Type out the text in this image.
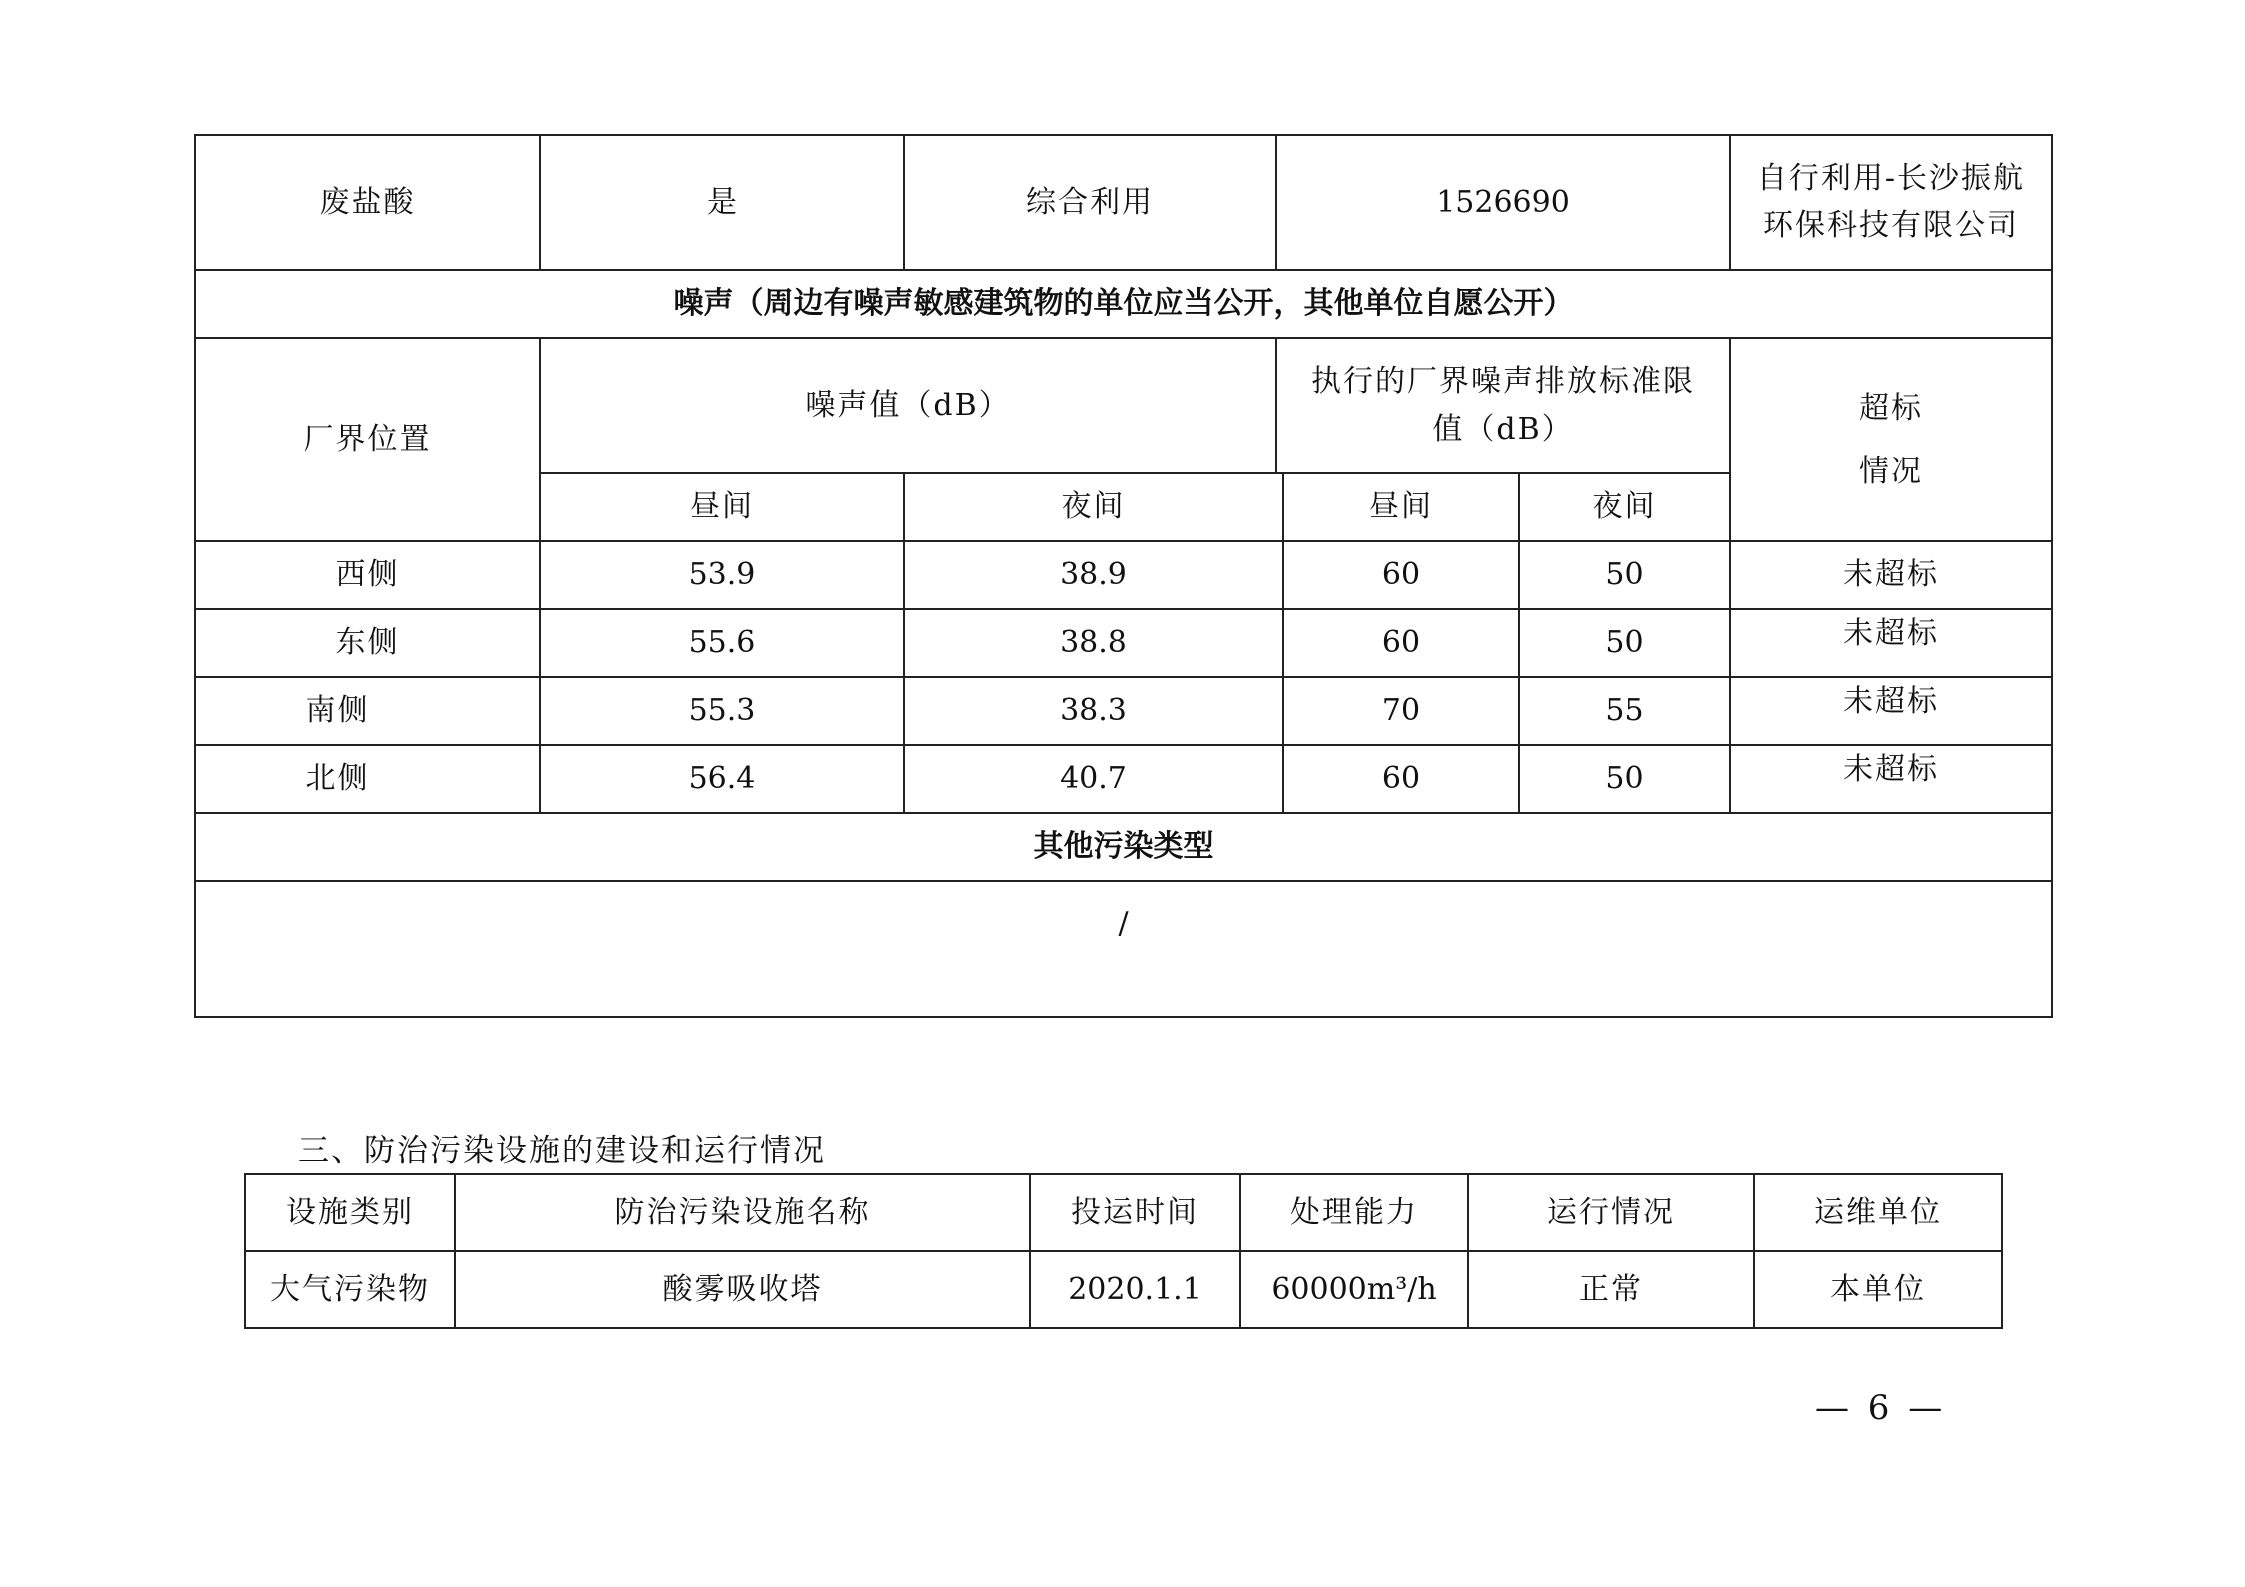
废盐酸	是	综合利用	1526690			自行利用-长沙振航环保科技有限公司
噪声（周边有噪声敏感建筑物的单位应当公开，其他单位自愿公开）						
厂界位置	噪声值（dB）		执行的厂界噪声排放标准限值（dB）			超标情况
	昼间	夜间		昼间	夜间	
西侧	53.9	38.9		60	50	未超标
东侧	55.6	38.8		60	50	未超标
南侧	55.3	38.3		70	55	未超标
北侧	56.4	40.7		60	50	未超标
其他污染类型						
/						
三、防治污染设施的建设和运行情况
设施类别	防治污染设施名称	投运时间	处理能力	运行情况	运维单位
大气污染物	酸雾吸收塔	2020.1.1	60000m³/h	正常	本单位
— 6 —
